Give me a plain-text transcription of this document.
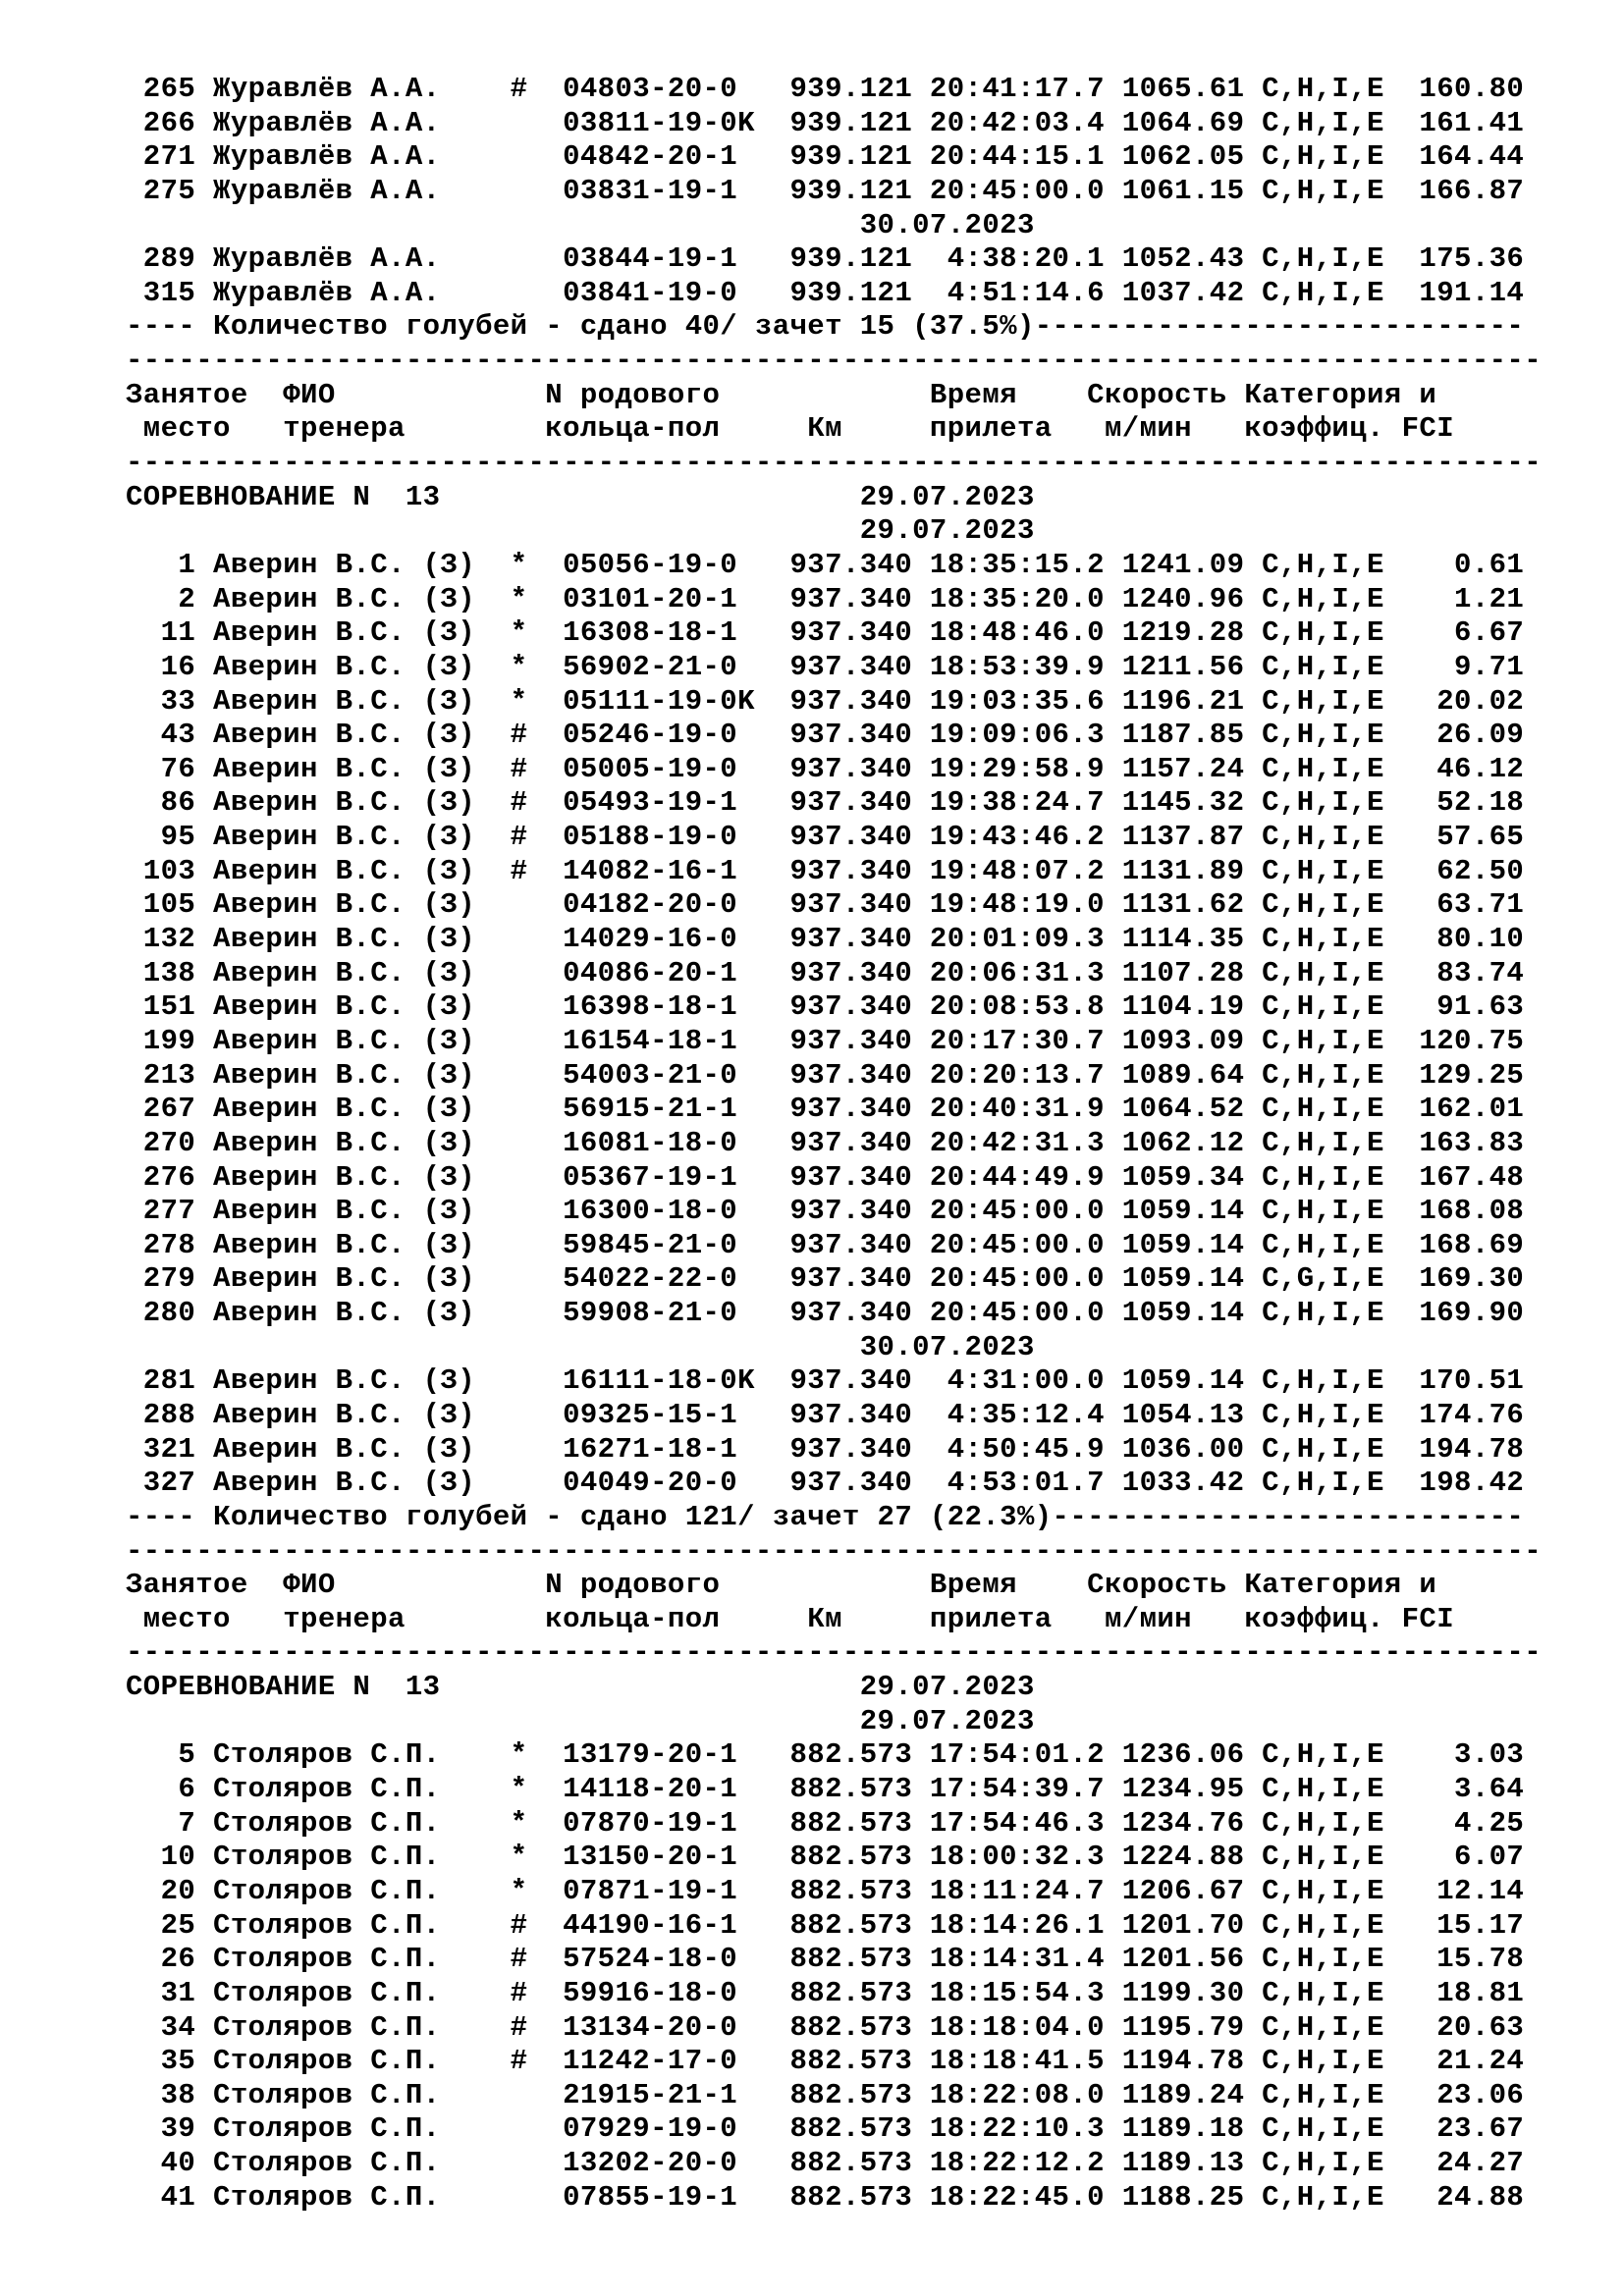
265 Журавлёв А.А.    #  04803-20-0   939.121 20:41:17.7 1065.61 C,H,I,E  160.80
266 Журавлёв А.А.       03811-19-0K  939.121 20:42:03.4 1064.69 C,H,I,E  161.41
271 Журавлёв А.А.       04842-20-1   939.121 20:44:15.1 1062.05 C,H,I,E  164.44
275 Журавлёв А.А.       03831-19-1   939.121 20:45:00.0 1061.15 C,H,I,E  166.87
30.07.2023
289 Журавлёв А.А.       03844-19-1   939.121  4:38:20.1 1052.43 C,H,I,E  175.36
315 Журавлёв А.А.       03841-19-0   939.121  4:51:14.6 1037.42 C,H,I,E  191.14
---- Количество голубей - сдано 40/ зачет 15 (37.5%)----------------------------
---------------------------------------------------------------------------------
Занятое  ФИО            N родового            Время    Скорость Категория и
место   тренера        кольца-пол     Км     прилета   м/мин   коэффиц. FCI
---------------------------------------------------------------------------------
СОРЕВНОВАНИЕ N  13                        29.07.2023
29.07.2023
1 Аверин В.С. (З)  *  05056-19-0   937.340 18:35:15.2 1241.09 C,H,I,E    0.61
2 Аверин В.С. (З)  *  03101-20-1   937.340 18:35:20.0 1240.96 C,H,I,E    1.21
11 Аверин В.С. (З)  *  16308-18-1   937.340 18:48:46.0 1219.28 C,H,I,E    6.67
16 Аверин В.С. (З)  *  56902-21-0   937.340 18:53:39.9 1211.56 C,H,I,E    9.71
33 Аверин В.С. (З)  *  05111-19-0K  937.340 19:03:35.6 1196.21 C,H,I,E   20.02
43 Аверин В.С. (З)  #  05246-19-0   937.340 19:09:06.3 1187.85 C,H,I,E   26.09
76 Аверин В.С. (З)  #  05005-19-0   937.340 19:29:58.9 1157.24 C,H,I,E   46.12
86 Аверин В.С. (З)  #  05493-19-1   937.340 19:38:24.7 1145.32 C,H,I,E   52.18
95 Аверин В.С. (З)  #  05188-19-0   937.340 19:43:46.2 1137.87 C,H,I,E   57.65
103 Аверин В.С. (З)  #  14082-16-1   937.340 19:48:07.2 1131.89 C,H,I,E   62.50
105 Аверин В.С. (З)     04182-20-0   937.340 19:48:19.0 1131.62 C,H,I,E   63.71
132 Аверин В.С. (З)     14029-16-0   937.340 20:01:09.3 1114.35 C,H,I,E   80.10
138 Аверин В.С. (З)     04086-20-1   937.340 20:06:31.3 1107.28 C,H,I,E   83.74
151 Аверин В.С. (З)     16398-18-1   937.340 20:08:53.8 1104.19 C,H,I,E   91.63
199 Аверин В.С. (З)     16154-18-1   937.340 20:17:30.7 1093.09 C,H,I,E  120.75
213 Аверин В.С. (З)     54003-21-0   937.340 20:20:13.7 1089.64 C,H,I,E  129.25
267 Аверин В.С. (З)     56915-21-1   937.340 20:40:31.9 1064.52 C,H,I,E  162.01
270 Аверин В.С. (З)     16081-18-0   937.340 20:42:31.3 1062.12 C,H,I,E  163.83
276 Аверин В.С. (З)     05367-19-1   937.340 20:44:49.9 1059.34 C,H,I,E  167.48
277 Аверин В.С. (З)     16300-18-0   937.340 20:45:00.0 1059.14 C,H,I,E  168.08
278 Аверин В.С. (З)     59845-21-0   937.340 20:45:00.0 1059.14 C,H,I,E  168.69
279 Аверин В.С. (З)     54022-22-0   937.340 20:45:00.0 1059.14 C,G,I,E  169.30
280 Аверин В.С. (З)     59908-21-0   937.340 20:45:00.0 1059.14 C,H,I,E  169.90
30.07.2023
281 Аверин В.С. (З)     16111-18-0K  937.340  4:31:00.0 1059.14 C,H,I,E  170.51
288 Аверин В.С. (З)     09325-15-1   937.340  4:35:12.4 1054.13 C,H,I,E  174.76
321 Аверин В.С. (З)     16271-18-1   937.340  4:50:45.9 1036.00 C,H,I,E  194.78
327 Аверин В.С. (З)     04049-20-0   937.340  4:53:01.7 1033.42 C,H,I,E  198.42
---- Количество голубей - сдано 121/ зачет 27 (22.3%)---------------------------
---------------------------------------------------------------------------------
Занятое  ФИО            N родового            Время    Скорость Категория и
место   тренера        кольца-пол     Км     прилета   м/мин   коэффиц. FCI
---------------------------------------------------------------------------------
СОРЕВНОВАНИЕ N  13                        29.07.2023
29.07.2023
5 Столяров С.П.    *  13179-20-1   882.573 17:54:01.2 1236.06 C,H,I,E    3.03
6 Столяров С.П.    *  14118-20-1   882.573 17:54:39.7 1234.95 C,H,I,E    3.64
7 Столяров С.П.    *  07870-19-1   882.573 17:54:46.3 1234.76 C,H,I,E    4.25
10 Столяров С.П.    *  13150-20-1   882.573 18:00:32.3 1224.88 C,H,I,E    6.07
20 Столяров С.П.    *  07871-19-1   882.573 18:11:24.7 1206.67 C,H,I,E   12.14
25 Столяров С.П.    #  44190-16-1   882.573 18:14:26.1 1201.70 C,H,I,E   15.17
26 Столяров С.П.    #  57524-18-0   882.573 18:14:31.4 1201.56 C,H,I,E   15.78
31 Столяров С.П.    #  59916-18-0   882.573 18:15:54.3 1199.30 C,H,I,E   18.81
34 Столяров С.П.    #  13134-20-0   882.573 18:18:04.0 1195.79 C,H,I,E   20.63
35 Столяров С.П.    #  11242-17-0   882.573 18:18:41.5 1194.78 C,H,I,E   21.24
38 Столяров С.П.       21915-21-1   882.573 18:22:08.0 1189.24 C,H,I,E   23.06
39 Столяров С.П.       07929-19-0   882.573 18:22:10.3 1189.18 C,H,I,E   23.67
40 Столяров С.П.       13202-20-0   882.573 18:22:12.2 1189.13 C,H,I,E   24.27
41 Столяров С.П.       07855-19-1   882.573 18:22:45.0 1188.25 C,H,I,E   24.88
